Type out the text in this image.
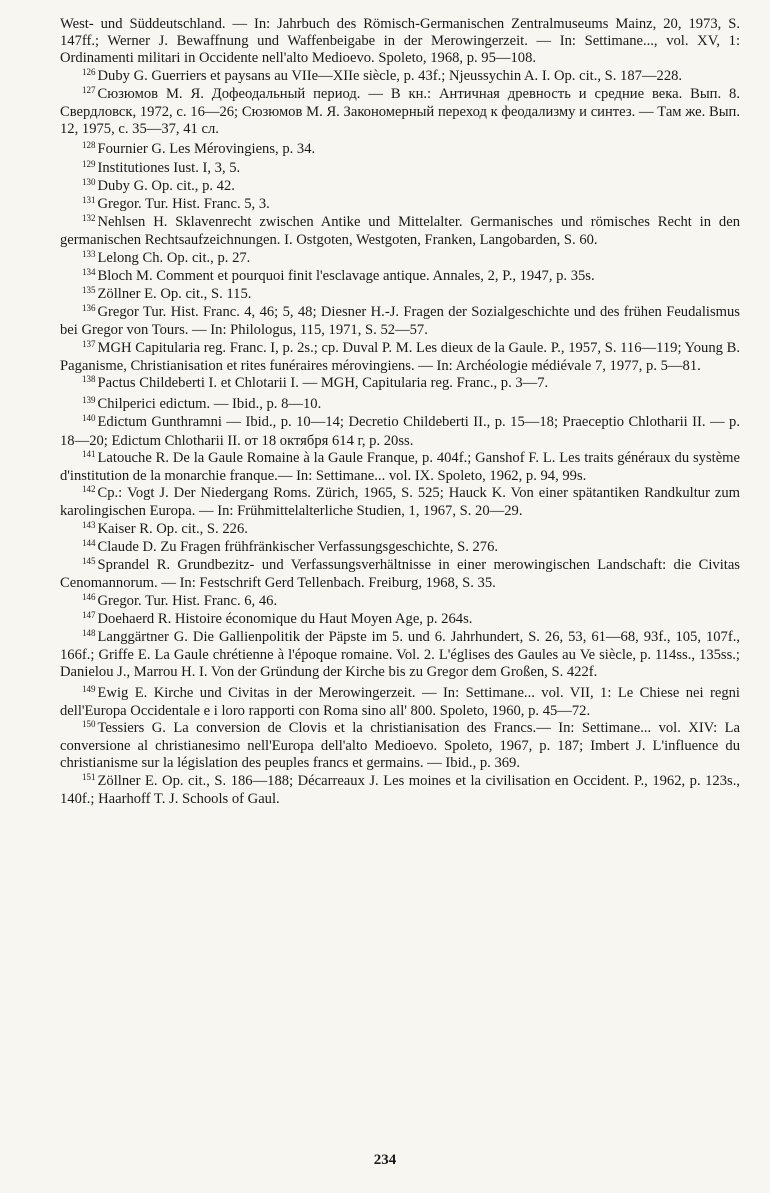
West- und Süddeutschland. — In: Jahrbuch des Römisch-Germanischen Zentralmuseums Mainz, 20, 1973, S. 147ff.; Werner J. Bewaffnung und Waffenbeigabe in der Merowingerzeit. — In: Settimane..., vol. XV, 1: Ordinamenti militari in Occidente nell'alto Medioevo. Spoleto, 1968, p. 95—108.

$^{126}$ Duby G. Guerriers et paysans au VIIe—XIIe siècle, p. 43f.; Njeussychin A. I. Op. cit., S. 187—228.

$^{127}$ Сюзюмов М. Я. Дофеодальный период. — В кн.: Античная древность и средние века. Вып. 8. Свердловск, 1972, с. 16—26; Сюзюмов М. Я. Закономерный переход к феодализму и синтез. — Там же. Вып. 12, 1975, с. 35—37, 41 сл.

$^{128}$ Fournier G. Les Mérovingiens, p. 34.

$^{129}$ Institutiones Iust. I, 3, 5.

$^{130}$ Duby G. Op. cit., p. 42.

$^{131}$ Gregor. Tur. Hist. Franc. 5, 3.

$^{132}$ Nehlsen H. Sklavenrecht zwischen Antike und Mittelalter. Germanisches und römisches Recht in den germanischen Rechtsaufzeichnungen. I. Ostgoten, Westgoten, Franken, Langobarden, S. 60.

$^{133}$ Lelong Ch. Op. cit., p. 27.

$^{134}$ Bloch M. Comment et pourquoi finit l'esclavage antique. Annales, 2, P., 1947, p. 35s.

$^{135}$ Zöllner E. Op. cit., S. 115.

$^{136}$ Gregor Tur. Hist. Franc. 4, 46; 5, 48; Diesner H.-J. Fragen der Sozialgeschichte und des frühen Feudalismus bei Gregor von Tours. — In: Philologus, 115, 1971, S. 52—57.

$^{137}$ MGH Capitularia reg. Franc. I, p. 2s.; ср. Duval P. M. Les dieux de la Gaule. P., 1957, S. 116—119; Young B. Paganisme, Christianisation et rites funéraires mérovingiens. — In: Archéologie médiévale 7, 1977, p. 5—81.

$^{138}$ Pactus Childeberti I. et Chlotarii I. — MGH, Capitularia reg. Franc., p. 3—7.

$^{139}$ Chilperici edictum. — Ibid., p. 8—10.

$^{140}$ Edictum Gunthramni — Ibid., p. 10—14; Decretio Childeberti II., p. 15—18; Praeceptio Chlotharii II. — p. 18—20; Edictum Chlotharii II. от 18 октября 614 г, p. 20ss.

$^{141}$ Latouche R. De la Gaule Romaine à la Gaule Franque, p. 404f.; Ganshof F. L. Les traits généraux du système d'institution de la monarchie franque.— In: Settimane... vol. IX. Spoleto, 1962, p. 94, 99s.

$^{142}$ Ср.: Vogt J. Der Niedergang Roms. Zürich, 1965, S. 525; Hauck K. Von einer spätantiken Randkultur zum karolingischen Europa. — In: Frühmittelalterliche Studien, 1, 1967, S. 20—29.

$^{143}$ Kaiser R. Op. cit., S. 226.

$^{144}$ Claude D. Zu Fragen frühfränkischer Verfassungsgeschichte, S. 276.

$^{145}$ Sprandel R. Grundbezitz- und Verfassungsverhältnisse in einer merowingischen Landschaft: die Civitas Cenomannorum. — In: Festschrift Gerd Tellenbach. Freiburg, 1968, S. 35.

$^{146}$ Gregor. Tur. Hist. Franc. 6, 46.

$^{147}$ Doehaerd R. Histoire économique du Haut Moyen Age, p. 264s.

$^{148}$ Langgärtner G. Die Gallienpolitik der Päpste im 5. und 6. Jahrhundert, S. 26, 53, 61—68, 93f., 105, 107f., 166f.; Griffe E. La Gaule chrétienne à l'époque romaine. Vol. 2. L'églises des Gaules au Ve siècle, p. 114ss., 135ss.; Danielou J., Marrou H. I. Von der Gründung der Kirche bis zu Gregor dem Großen, S. 422f.

$^{149}$ Ewig E. Kirche und Civitas in der Merowingerzeit. — In: Settimane... vol. VII, 1: Le Chiese nei regni dell'Europa Occidentale e i loro rapporti con Roma sino all' 800. Spoleto, 1960, p. 45—72.

$^{150}$ Tessiers G. La conversion de Clovis et la christianisation des Francs.— In: Settimane... vol. XIV: La conversione al christianesimo nell'Europa dell'alto Medioevo. Spoleto, 1967, p. 187; Imbert J. L'influence du christianisme sur la législation des peuples francs et germains. — Ibid., p. 369.

$^{151}$ Zöllner E. Op. cit., S. 186—188; Décarreaux J. Les moines et la civilisation en Occident. P., 1962, p. 123s., 140f.; Haarhoff T. J. Schools of Gaul.

234
